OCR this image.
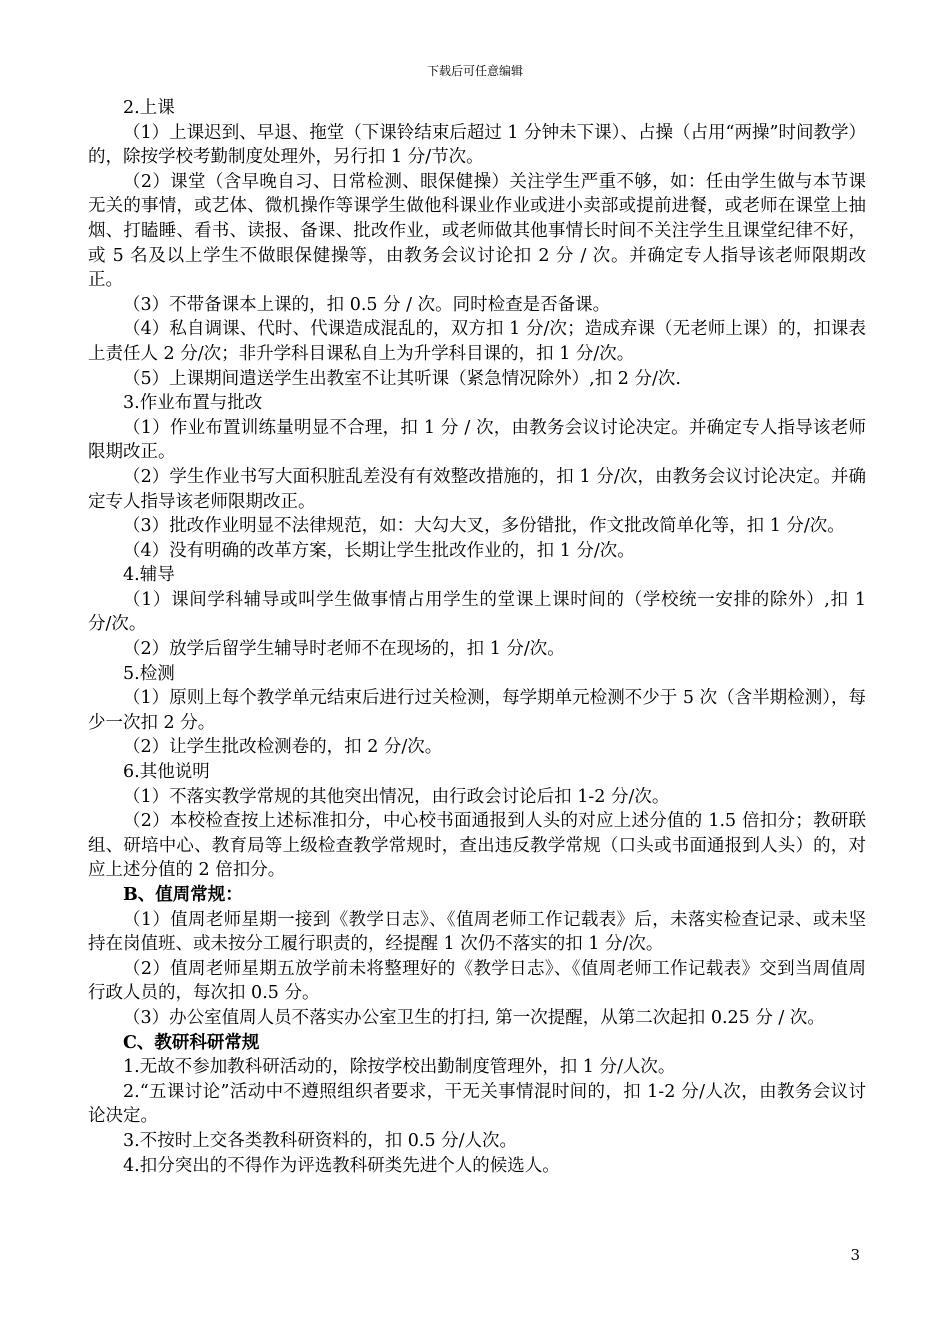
下载后可任意编辑

2.上课

（1）上课迟到、早退、拖堂（下课铃结束后超过 1 分钟未下课）、占操（占用“两操”时间教学）的，除按学校考勤制度处理外，另行扣 1 分/节次。

（2）课堂（含早晚自习、日常检测、眼保健操）关注学生严重不够，如：任由学生做与本节课无关的事情，或艺体、微机操作等课学生做他科课业作业或进小卖部或提前进餐，或老师在课堂上抽烟、打瞌睡、看书、读报、备课、批改作业，或老师做其他事情长时间不关注学生且课堂纪律不好，或 5 名及以上学生不做眼保健操等，由教务会议讨论扣 2 分 / 次。并确定专人指导该老师限期改正。

（3）不带备课本上课的，扣 0.5 分 / 次。同时检查是否备课。

（4）私自调课、代时、代课造成混乱的，双方扣 1 分/次；造成弃课（无老师上课）的，扣课表上责任人 2 分/次；非升学科目课私自上为升学科目课的，扣 1 分/次。

（5）上课期间遣送学生出教室不让其听课（紧急情况除外）,扣 2 分/次.

3.作业布置与批改

（1）作业布置训练量明显不合理，扣 1 分 / 次，由教务会议讨论决定。并确定专人指导该老师限期改正。

（2）学生作业书写大面积脏乱差没有有效整改措施的，扣 1 分/次，由教务会议讨论决定。并确定专人指导该老师限期改正。

（3）批改作业明显不法律规范，如：大勾大叉，多份错批，作文批改简单化等，扣 1 分/次。

（4）没有明确的改革方案，长期让学生批改作业的，扣 1 分/次。

4.辅导

（1）课间学科辅导或叫学生做事情占用学生的堂课上课时间的（学校统一安排的除外）,扣 1 分/次。

（2）放学后留学生辅导时老师不在现场的，扣 1 分/次。

5.检测

（1）原则上每个教学单元结束后进行过关检测，每学期单元检测不少于 5 次（含半期检测），每少一次扣 2 分。

（2）让学生批改检测卷的，扣 2 分/次。

6.其他说明

（1）不落实教学常规的其他突出情况，由行政会讨论后扣 1-2 分/次。

（2）本校检查按上述标准扣分，中心校书面通报到人头的对应上述分值的 1.5 倍扣分；教研联组、研培中心、教育局等上级检查教学常规时，查出违反教学常规（口头或书面通报到人头）的，对应上述分值的 2 倍扣分。

B、值周常规：

（1）值周老师星期一接到《教学日志》、《值周老师工作记载表》后，未落实检查记录、或未坚持在岗值班、或未按分工履行职责的，经提醒 1 次仍不落实的扣 1 分/次。

（2）值周老师星期五放学前未将整理好的《教学日志》、《值周老师工作记载表》交到当周值周行政人员的，每次扣 0.5 分。

（3）办公室值周人员不落实办公室卫生的打扫, 第一次提醒，从第二次起扣 0.25 分 / 次。

C、教研科研常规

1.无故不参加教科研活动的，除按学校出勤制度管理外，扣 1 分/人次。

2.“五课讨论”活动中不遵照组织者要求，干无关事情混时间的，扣 1-2 分/人次，由教务会议讨论决定。

3.不按时上交各类教科研资料的，扣 0.5 分/人次。

4.扣分突出的不得作为评选教科研类先进个人的候选人。

3
